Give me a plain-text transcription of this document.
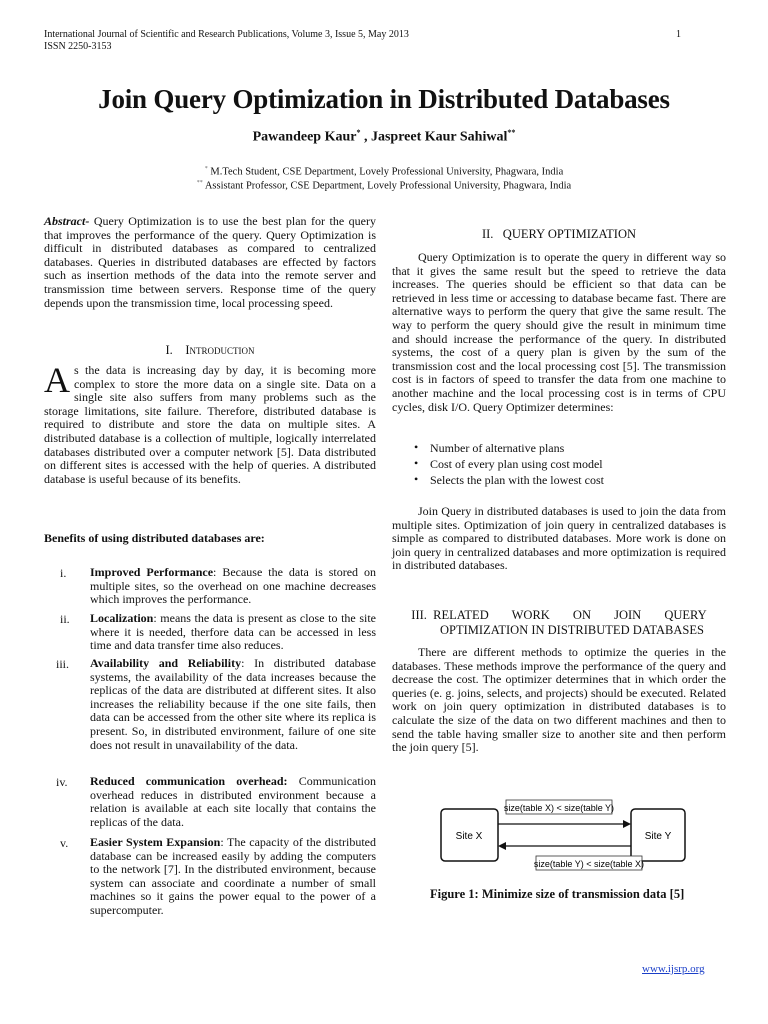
International Journal of Scientific and Research Publications, Volume 3, Issue 5, May 2013
ISSN 2250-3153
1
Join Query Optimization in Distributed Databases
Pawandeep Kaur* , Jaspreet Kaur Sahiwal**
* M.Tech Student, CSE Department, Lovely Professional University, Phagwara, India
** Assistant Professor, CSE Department, Lovely Professional University, Phagwara, India
Abstract- Query Optimization is to use the best plan for the query that improves the performance of the query. Query Optimization is difficult in distributed databases as compared to centralized databases. Queries in distributed databases are effected by factors such as insertion methods of the data into the remote server and transmission time between servers. Response time of the query depends upon the transmission time, local processing speed.
I. Introduction
As the data is increasing day by day, it is becoming more complex to store the more data on a single site. Data on a single site also suffers from many problems such as the storage limitations, site failure. Therefore, distributed database is required to distribute and store the data on multiple sites. A distributed database is a collection of multiple, logically interrelated databases distributed over a computer network [5]. Data distributed on different sites is accessed with the help of queries. A distributed database is useful because of its benefits.
Benefits of using distributed databases are:
i. Improved Performance: Because the data is stored on multiple sites, so the overhead on one machine decreases which improves the performance.
ii. Localization: means the data is present as close to the site where it is needed, therfore data can be accessed in less time and data transfer time also reduces.
iii. Availability and Reliability: In distributed database systems, the availability of the data increases because the replicas of the data are distributed at different sites. It also increases the reliability because if the one site fails, then data can be accessed from the other site where its replica is present. So, in distributed environment, failure of one site does not result in unavailability of the data.
iv. Reduced communication overhead: Communication overhead reduces in distributed environment because a relation is available at each site locally that contains the replicas of the data.
v. Easier System Expansion: The capacity of the distributed database can be increased easily by adding the computers to the network [7]. In the distributed environment, because system can associate and coordinate a number of small machines so it gains the power equal to the power of a supercomputer.
II. QUERY OPTIMIZATION
Query Optimization is to operate the query in different way so that it gives the same result but the speed to retrieve the data increases. The queries should be efficient so that data can be retrieved in less time or accessing to database became fast. There are alternative ways to perform the query that give the same result. The way to perform the query should give the result in minimum time and should increase the performance of the query. In distributed systems, the cost of a query plan is given by the sum of the transmission cost and the local processing cost [5]. The transmission cost is in factors of speed to transfer the data from one machine to another machine and the local processing cost is in terms of CPU cycles, disk I/O. Query Optimizer determines:
• Number of alternative plans
• Cost of every plan using cost model
• Selects the plan with the lowest cost
Join Query in distributed databases is used to join the data from multiple sites. Optimization of join query in centralized databases is simple as compared to distributed databases. More work is done on join query in centralized databases and more optimization is required in distributed databases.
III. RELATED WORK ON JOIN QUERY
OPTIMIZATION IN DISTRIBUTED DATABASES
There are different methods to optimize the queries in the databases. These methods improve the performance of the query and decrease the cost. The optimizer determines that in which order the queries (e. g. joins, selects, and projects) should be executed. Related work on join query optimization in distributed databases is to calculate the size of the data on two different machines and then to send the table having smaller size to another site and then perform the join query [5].
Site X	Site Y
size(table X) < size(table Y)
size(table Y) < size(table X)
Figure 1: Minimize size of transmission data [5]
www.ijsrp.org
